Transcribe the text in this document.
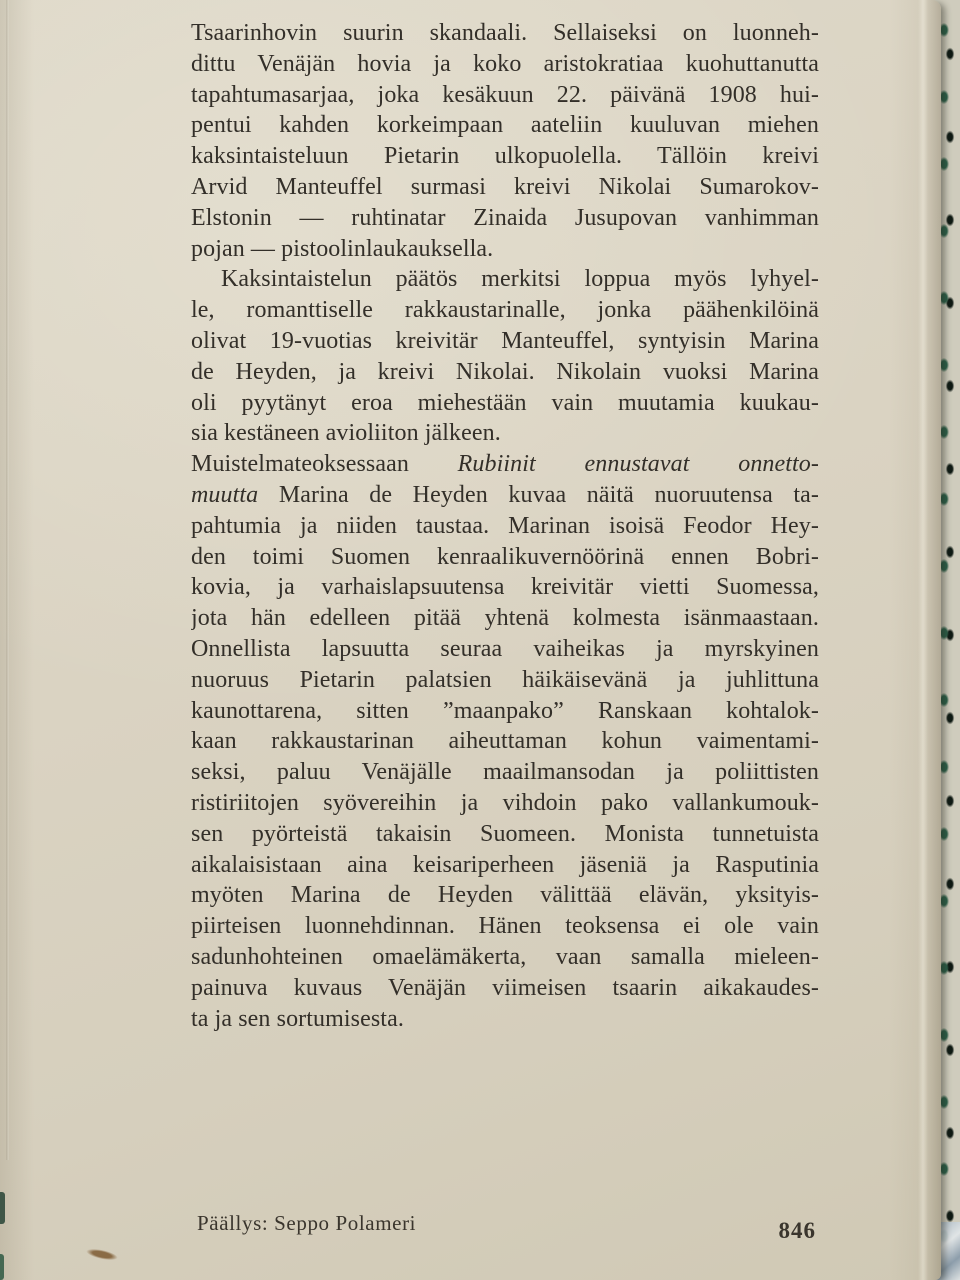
Tsaarinhovin suurin skandaali. Sellaiseksi on luonneh-
dittu Venäjän hovia ja koko aristokratiaa kuohuttanutta
tapahtumasarjaa, joka kesäkuun 22. päivänä 1908 hui-
pentui kahden korkeimpaan aateliin kuuluvan miehen
kaksintaisteluun Pietarin ulkopuolella. Tällöin kreivi
Arvid Manteuffel surmasi kreivi Nikolai Sumarokov-
Elstonin — ruhtinatar Zinaida Jusupovan vanhimman
pojan — pistoolinlaukauksella.
Kaksintaistelun päätös merkitsi loppua myös lyhyel-
le, romanttiselle rakkaustarinalle, jonka päähenkilöinä
olivat 19-vuotias kreivitär Manteuffel, syntyisin Marina
de Heyden, ja kreivi Nikolai. Nikolain vuoksi Marina
oli pyytänyt eroa miehestään vain muutamia kuukau-
sia kestäneen avioliiton jälkeen.
Muistelmateoksessaan Rubiinit ennustavat onnetto-
muutta Marina de Heyden kuvaa näitä nuoruutensa ta-
pahtumia ja niiden taustaa. Marinan isoisä Feodor Hey-
den toimi Suomen kenraalikuvernöörinä ennen Bobri-
kovia, ja varhaislapsuutensa kreivitär vietti Suomessa,
jota hän edelleen pitää yhtenä kolmesta isänmaastaan.
Onnellista lapsuutta seuraa vaiheikas ja myrskyinen
nuoruus Pietarin palatsien häikäisevänä ja juhlittuna
kaunottarena, sitten ”maanpako” Ranskaan kohtalok-
kaan rakkaustarinan aiheuttaman kohun vaimentami-
seksi, paluu Venäjälle maailmansodan ja poliittisten
ristiriitojen syövereihin ja vihdoin pako vallankumouk-
sen pyörteistä takaisin Suomeen. Monista tunnetuista
aikalaisistaan aina keisariperheen jäseniä ja Rasputinia
myöten Marina de Heyden välittää elävän, yksityis-
piirteisen luonnehdinnan. Hänen teoksensa ei ole vain
sadunhohteinen omaelämäkerta, vaan samalla mieleen-
painuva kuvaus Venäjän viimeisen tsaarin aikakaudes-
ta ja sen sortumisesta.
Päällys: Seppo Polameri	846
